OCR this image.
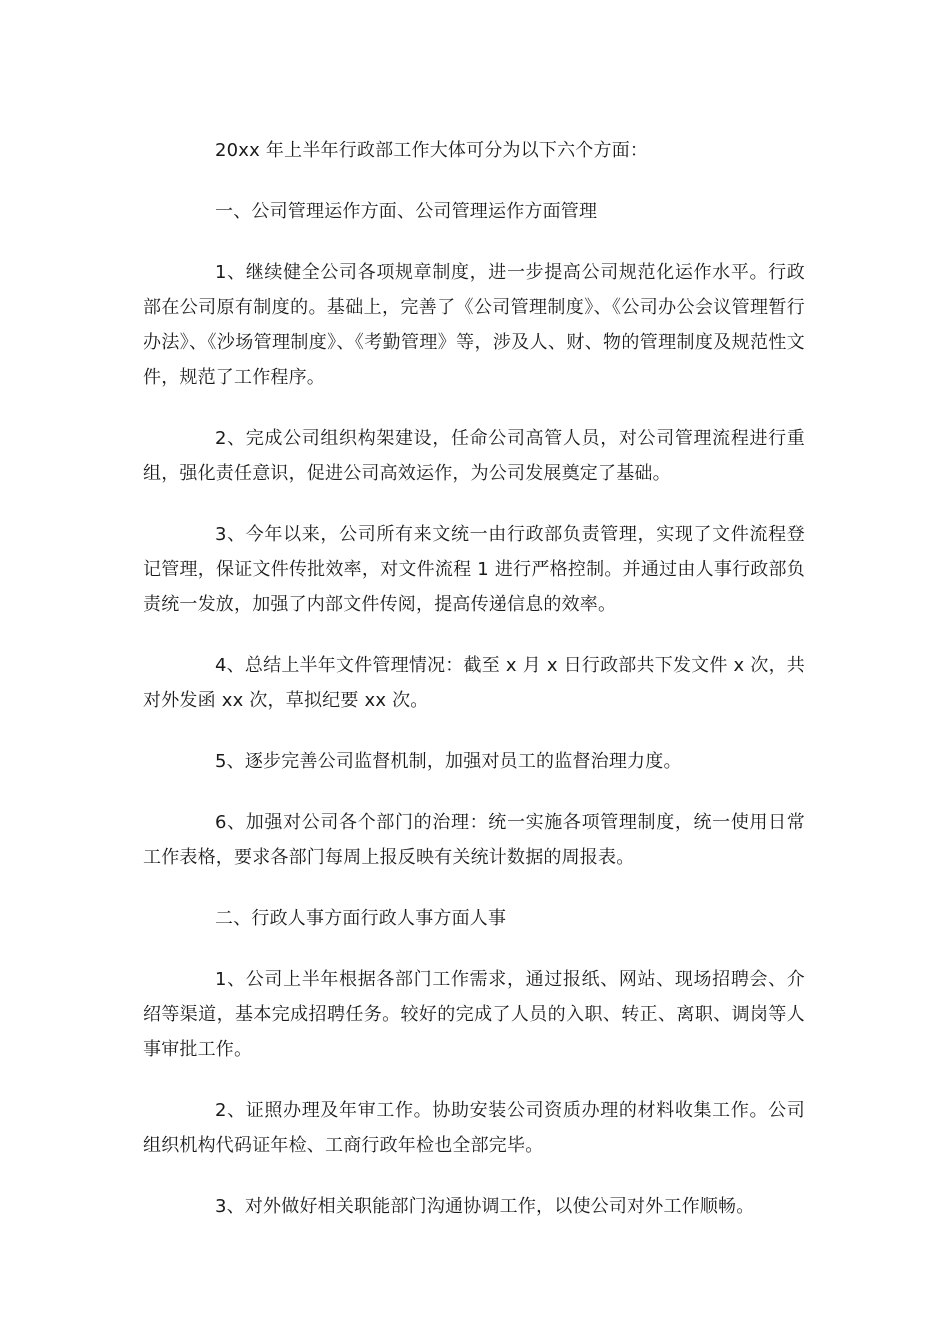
20xx 年上半年行政部工作大体可分为以下六个方面：

一、公司管理运作方面、公司管理运作方面管理

1、继续健全公司各项规章制度，进一步提高公司规范化运作水平。行政部在公司原有制度的。基础上，完善了《公司管理制度》、《公司办公会议管理暂行办法》、《沙场管理制度》、《考勤管理》等，涉及人、财、物的管理制度及规范性文件，规范了工作程序。

2、完成公司组织构架建设，任命公司高管人员，对公司管理流程进行重组，强化责任意识，促进公司高效运作，为公司发展奠定了基础。

3、今年以来，公司所有来文统一由行政部负责管理，实现了文件流程登记管理，保证文件传批效率，对文件流程 1 进行严格控制。并通过由人事行政部负责统一发放，加强了内部文件传阅，提高传递信息的效率。

4、总结上半年文件管理情况：截至 x 月 x 日行政部共下发文件 x 次，共对外发函 xx 次，草拟纪要 xx 次。

5、逐步完善公司监督机制，加强对员工的监督治理力度。

6、加强对公司各个部门的治理：统一实施各项管理制度，统一使用日常工作表格，要求各部门每周上报反映有关统计数据的周报表。

二、行政人事方面行政人事方面人事

1、公司上半年根据各部门工作需求，通过报纸、网站、现场招聘会、介绍等渠道，基本完成招聘任务。较好的完成了人员的入职、转正、离职、调岗等人事审批工作。

2、证照办理及年审工作。协助安装公司资质办理的材料收集工作。公司组织机构代码证年检、工商行政年检也全部完毕。

3、对外做好相关职能部门沟通协调工作，以使公司对外工作顺畅。
